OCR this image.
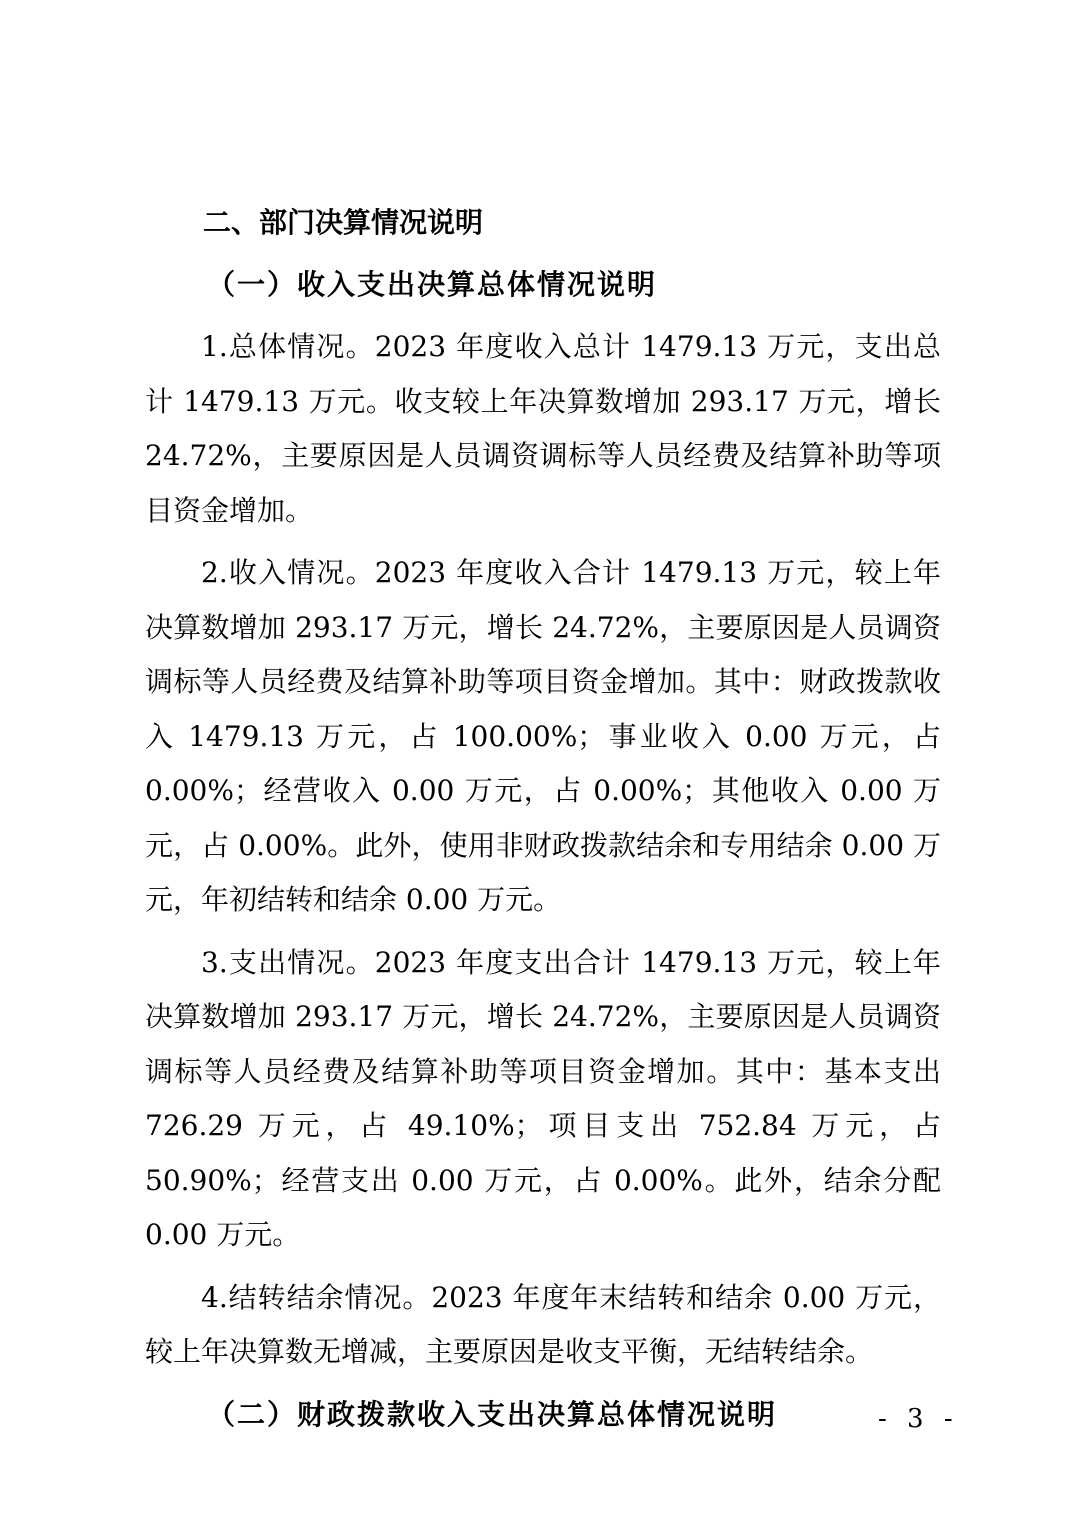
二、部门决算情况说明
（一）收入支出决算总体情况说明

1.总体情况。2023 年度收入总计 1479.13 万元，支出总计 1479.13 万元。收支较上年决算数增加 293.17 万元，增长 24.72%，主要原因是人员调资调标等人员经费及结算补助等项目资金增加。

2.收入情况。2023 年度收入合计 1479.13 万元，较上年决算数增加 293.17 万元，增长 24.72%，主要原因是人员调资调标等人员经费及结算补助等项目资金增加。其中：财政拨款收入 1479.13 万元，占 100.00%；事业收入 0.00 万元，占 0.00%；经营收入 0.00 万元，占 0.00%；其他收入 0.00 万元，占 0.00%。此外，使用非财政拨款结余和专用结余 0.00 万元，年初结转和结余 0.00 万元。

3.支出情况。2023 年度支出合计 1479.13 万元，较上年决算数增加 293.17 万元，增长 24.72%，主要原因是人员调资调标等人员经费及结算补助等项目资金增加。其中：基本支出 726.29 万元，占 49.10%；项目支出 752.84 万元，占 50.90%；经营支出 0.00 万元，占 0.00%。此外，结余分配 0.00 万元。

4.结转结余情况。2023 年度年末结转和结余 0.00 万元，较上年决算数无增减，主要原因是收支平衡，无结转结余。

（二）财政拨款收入支出决算总体情况说明	- 3 -
